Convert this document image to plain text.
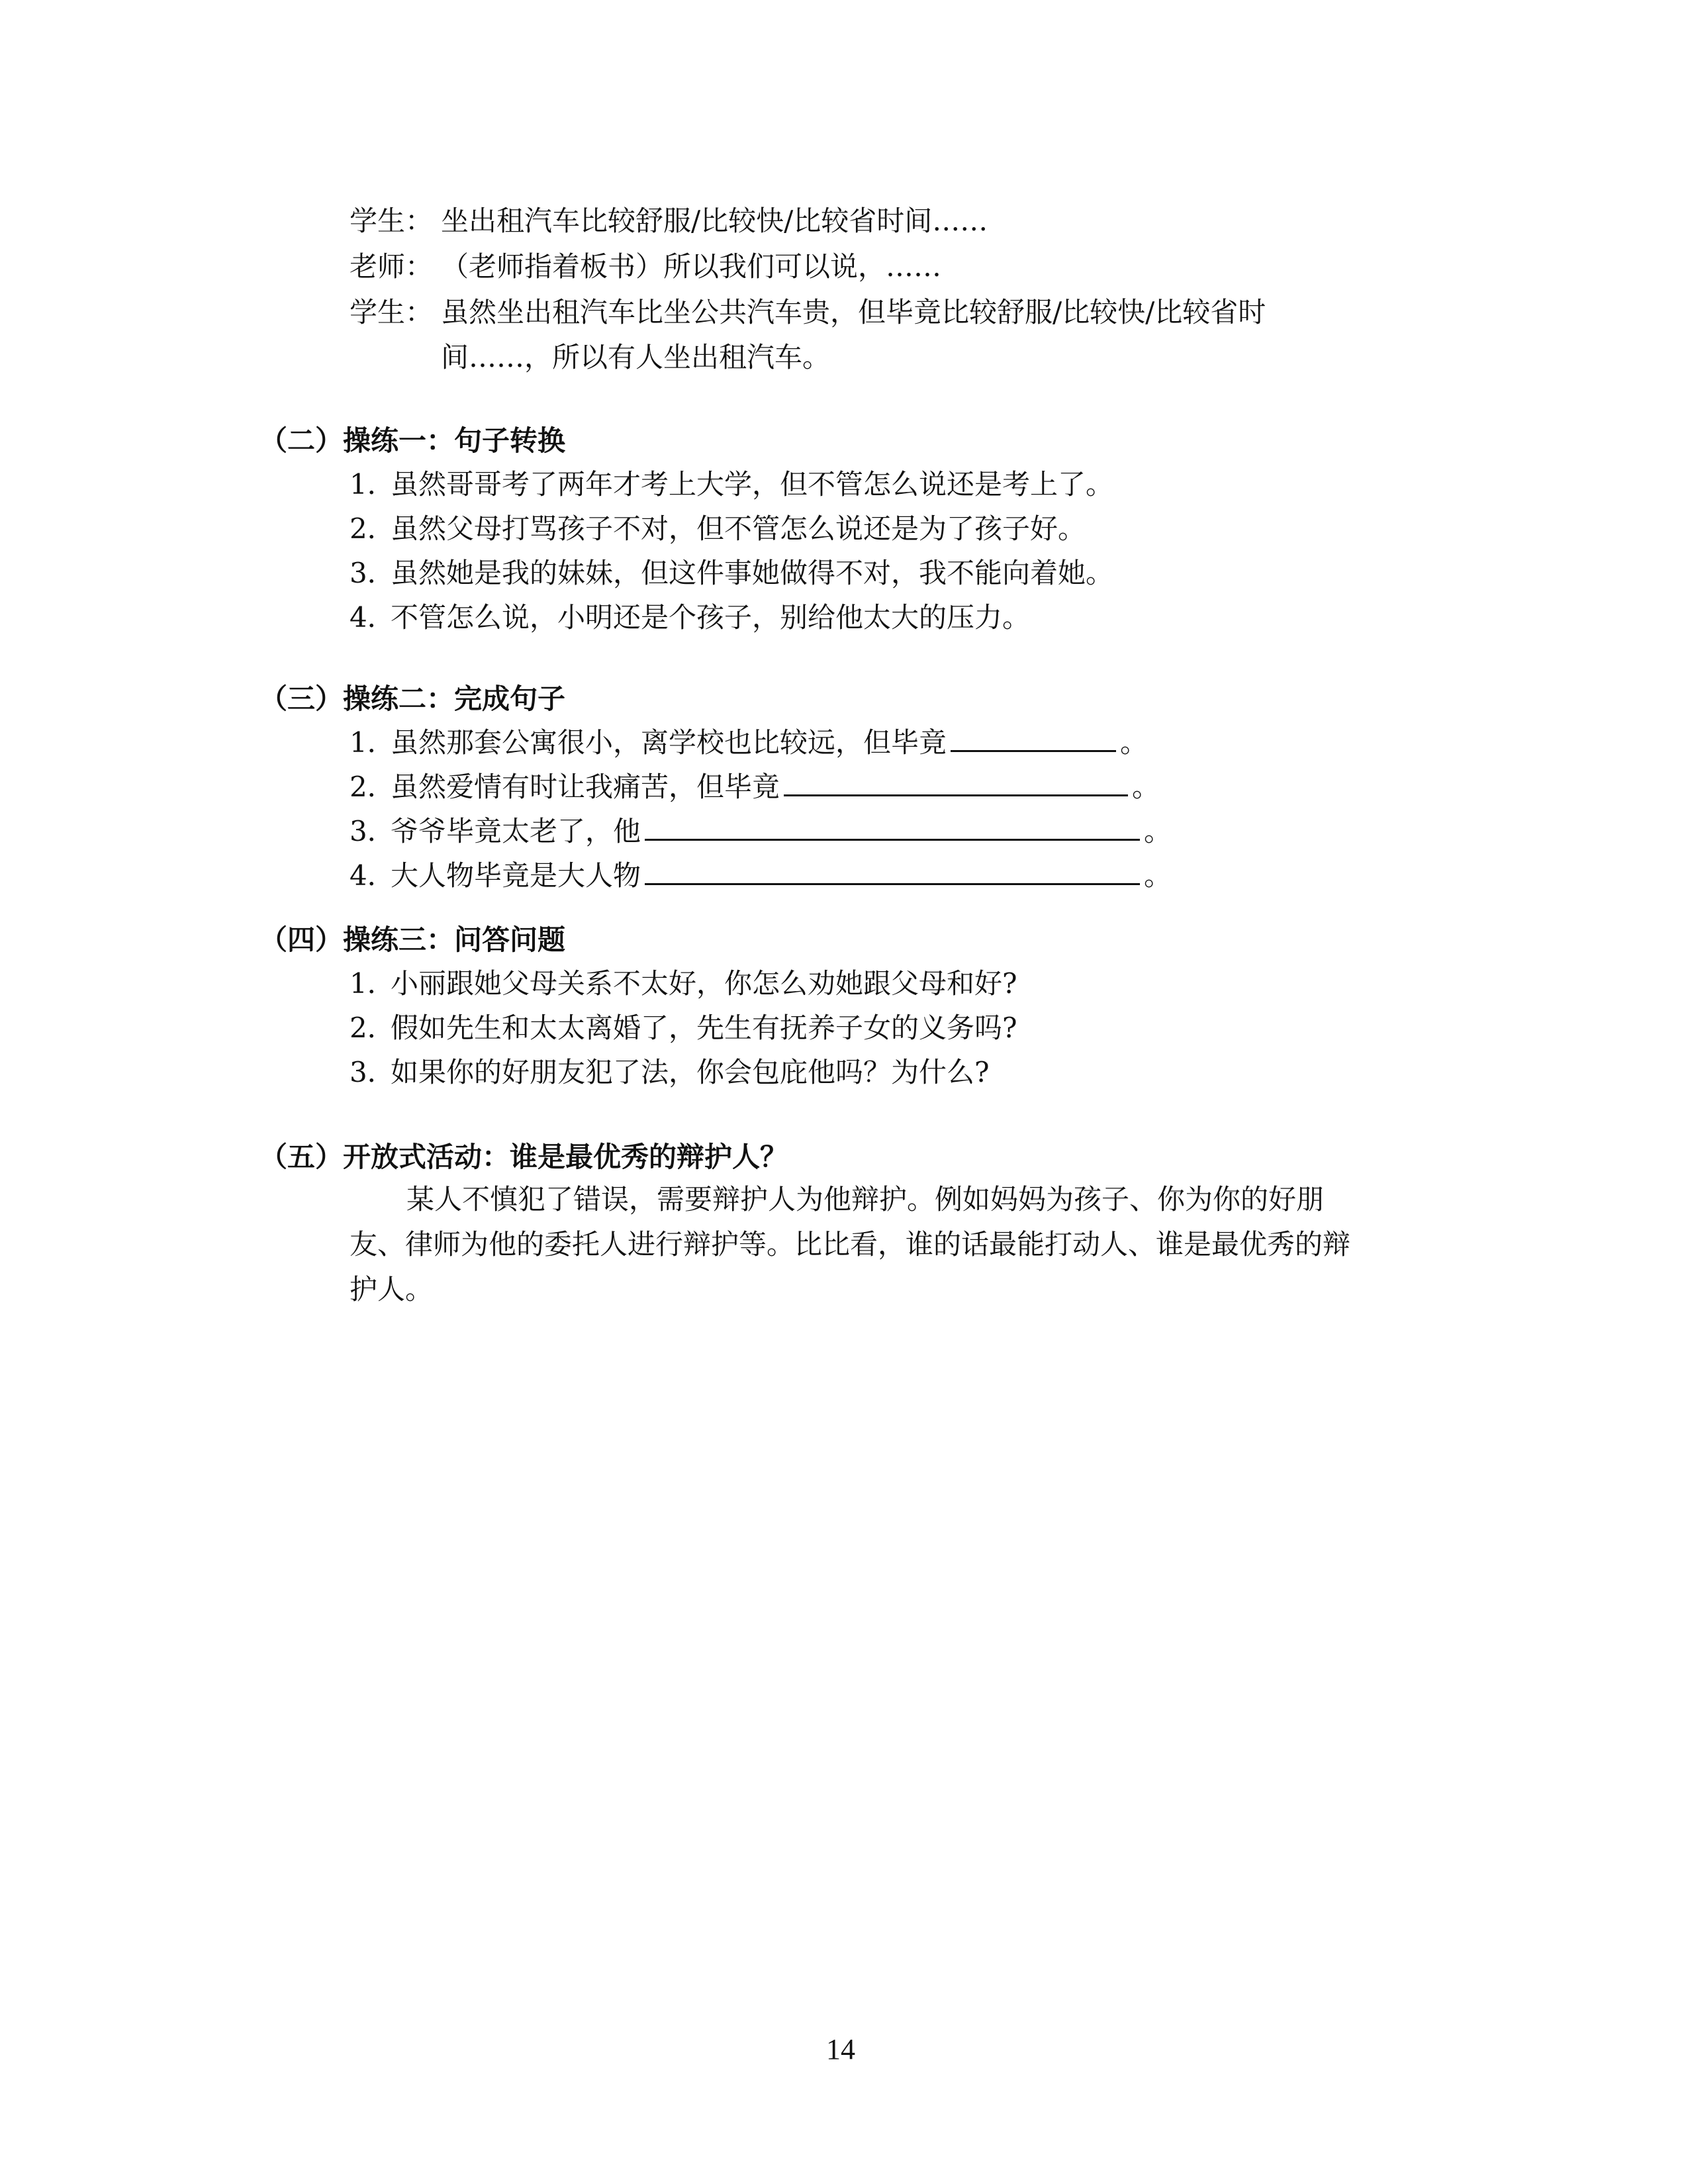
学生： 坐出租汽车比较舒服/比较快/比较省时间……
老师： （老师指着板书）所以我们可以说，……
学生： 虽然坐出租汽车比坐公共汽车贵，但毕竟比较舒服/比较快/比较省时
间……，所以有人坐出租汽车。
（二）操练一：句子转换
1．虽然哥哥考了两年才考上大学，但不管怎么说还是考上了。
2．虽然父母打骂孩子不对，但不管怎么说还是为了孩子好。
3．虽然她是我的妹妹，但这件事她做得不对，我不能向着她。
4．不管怎么说，小明还是个孩子，别给他太大的压力。
（三）操练二：完成句子
1．虽然那套公寓很小，离学校也比较远，但毕竟	。
2．虽然爱情有时让我痛苦，但毕竟	。
3．爷爷毕竟太老了，他	。
4．大人物毕竟是大人物	。
（四）操练三：问答问题
1．小丽跟她父母关系不太好，你怎么劝她跟父母和好?
2．假如先生和太太离婚了，先生有抚养子女的义务吗?
3．如果你的好朋友犯了法，你会包庇他吗？为什么?
（五）开放式活动：谁是最优秀的辩护人？
某人不慎犯了错误，需要辩护人为他辩护。例如妈妈为孩子、你为你的好朋
友、律师为他的委托人进行辩护等。比比看，谁的话最能打动人、谁是最优秀的辩
护人。
14
